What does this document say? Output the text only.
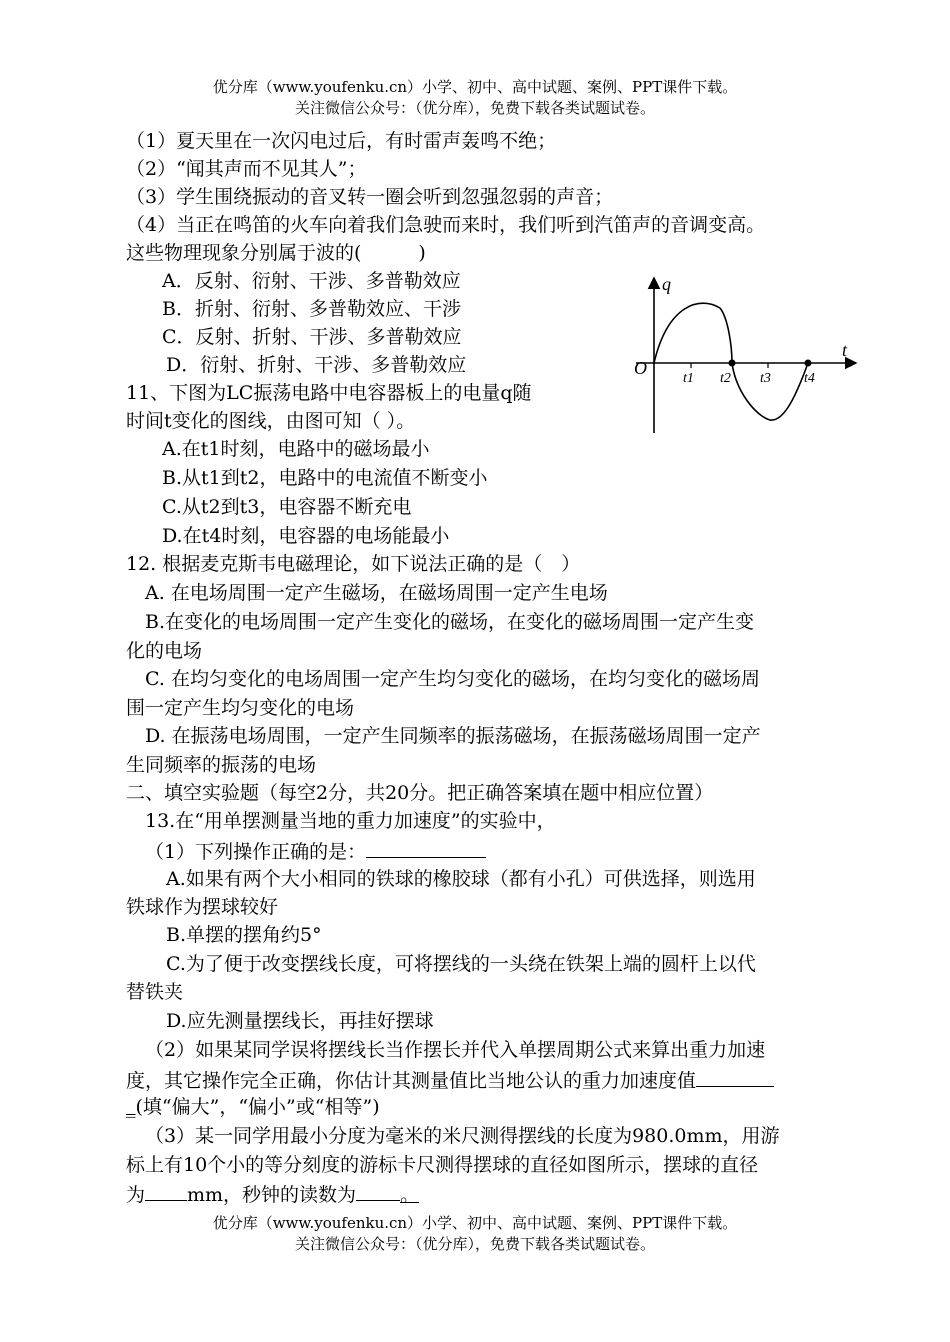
优分库（www.youfenku.cn）小学、初中、高中试题、案例、PPT课件下载。
关注微信公众号：（优分库），免费下载各类试题试卷。
（1）夏天里在一次闪电过后，有时雷声轰鸣不绝；
（2）“闻其声而不见其人”；
（3）学生围绕振动的音叉转一圈会听到忽强忽弱的声音；
（4）当正在鸣笛的火车向着我们急驶而来时，我们听到汽笛声的音调变高。
这些物理现象分别属于波的(　　　)
A．反射、衍射、干涉、多普勒效应
B．折射、衍射、多普勒效应、干涉
C．反射、折射、干涉、多普勒效应
D．衍射、折射、干涉、多普勒效应
11、下图为LC振荡电路中电容器板上的电量q随
时间t变化的图线，由图可知（ ）。
A.在t1时刻，电路中的磁场最小
B.从t1到t2，电路中的电流值不断变小
C.从t2到t3，电容器不断充电
D.在t4时刻，电容器的电场能最小
q
t
O
t1 t2 t3 t4
12. 根据麦克斯韦电磁理论，如下说法正确的是（　）
A. 在电场周围一定产生磁场，在磁场周围一定产生电场
B.在变化的电场周围一定产生变化的磁场，在变化的磁场周围一定产生变
化的电场
C. 在均匀变化的电场周围一定产生均匀变化的磁场，在均匀变化的磁场周
围一定产生均匀变化的电场
D. 在振荡电场周围，一定产生同频率的振荡磁场，在振荡磁场周围一定产
生同频率的振荡的电场
二、填空实验题（每空2分，共20分。把正确答案填在题中相应位置）
13.在“用单摆测量当地的重力加速度”的实验中，
（1）下列操作正确的是：
A.如果有两个大小相同的铁球的橡胶球（都有小孔）可供选择，则选用
铁球作为摆球较好
B.单摆的摆角约5°
C.为了便于改变摆线长度，可将摆线的一头绕在铁架上端的圆杆上以代
替铁夹
D.应先测量摆线长，再挂好摆球
（2）如果某同学误将摆线长当作摆长并代入单摆周期公式来算出重力加速
度，其它操作完全正确，你估计其测量值比当地公认的重力加速度值
_(填“偏大”，“偏小”或“相等”)
（3）某一同学用最小分度为毫米的米尺测得摆线的长度为980.0mm，用游
标上有10个小的等分刻度的游标卡尺测得摆球的直径如图所示，摆球的直径
为 mm，秒钟的读数为 。
优分库（www.youfenku.cn）小学、初中、高中试题、案例、PPT课件下载。
关注微信公众号：（优分库），免费下载各类试题试卷。
